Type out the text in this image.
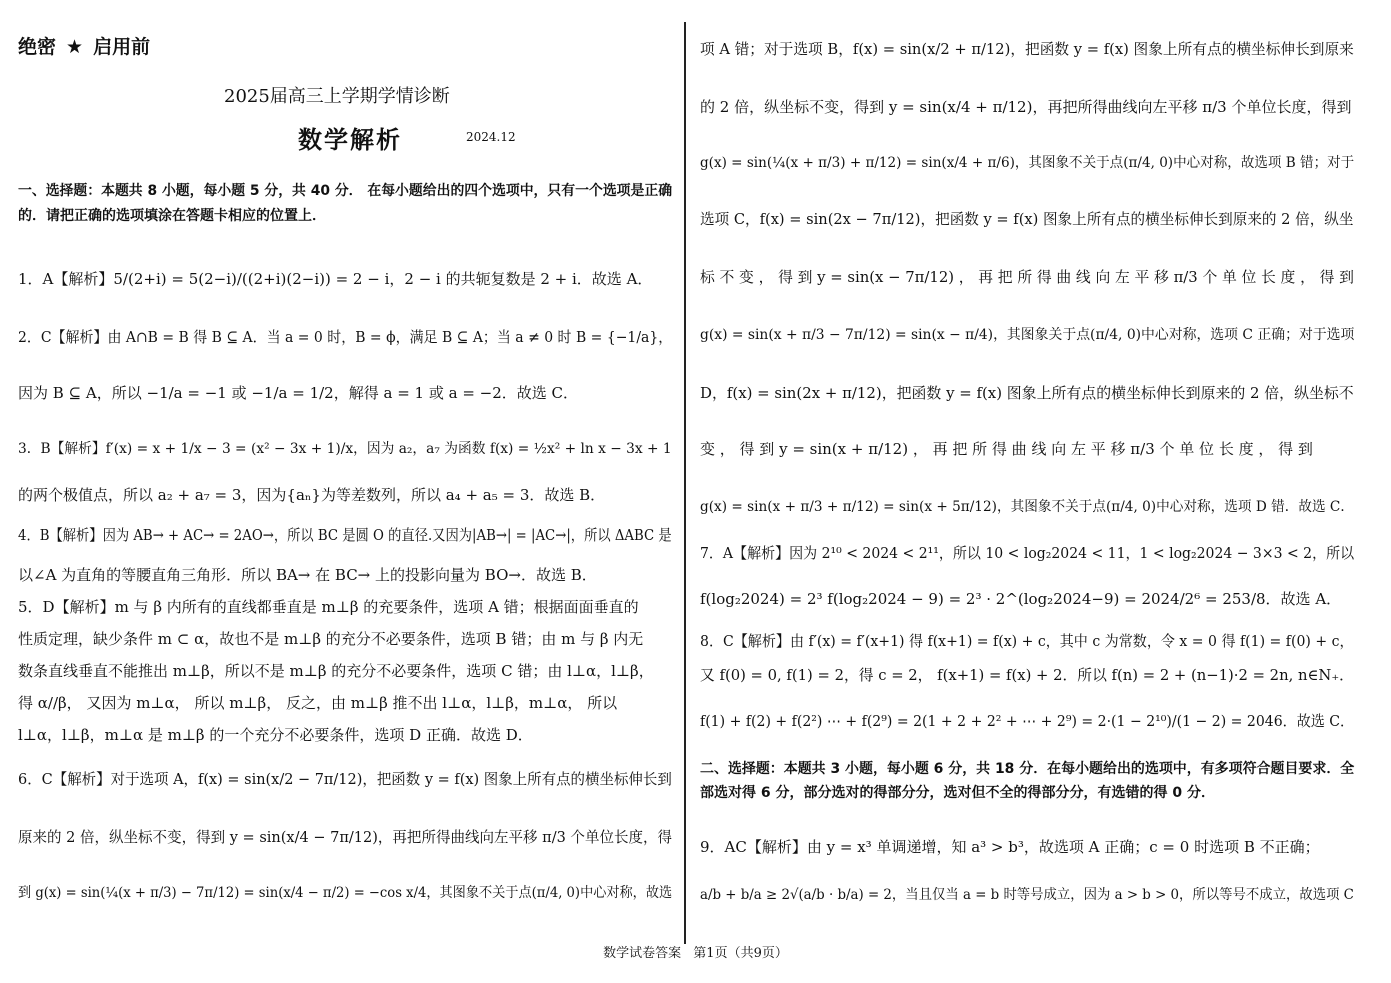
绝密 ★ 启用前
2025届高三上学期学情诊断
数学解析	2024.12
一、选择题：本题共 8 小题，每小题 5 分，共 40 分． 在每小题给出的四个选项中，只有一个选项是正确
的．请把正确的选项填涂在答题卡相应的位置上．
1．A【解析】5/(2+i) = 5(2−i)/((2+i)(2−i)) = 2 − i，2 − i 的共轭复数是 2 + i．故选 A．
2．C【解析】由 A∩B = B 得 B ⊆ A．当 a = 0 时，B = ϕ，满足 B ⊆ A；当 a ≠ 0 时 B = {−1/a}，
因为 B ⊆ A，所以 −1/a = −1 或 −1/a = 1/2，解得 a = 1 或 a = −2．故选 C．
3．B【解析】f′(x) = x + 1/x − 3 = (x² − 3x + 1)/x，因为 a₂，a₇ 为函数 f(x) = ½x² + ln x − 3x + 1
的两个极值点，所以 a₂ + a₇ = 3，因为{aₙ}为等差数列，所以 a₄ + a₅ = 3．故选 B．
4．B【解析】因为 AB→ + AC→ = 2AO→，所以 BC 是圆 O 的直径.又因为|AB→| = |AC→|，所以 ΔABC 是
以∠A 为直角的等腰直角三角形．所以 BA→ 在 BC→ 上的投影向量为 BO→．故选 B．
5．D【解析】m 与 β 内所有的直线都垂直是 m⊥β 的充要条件，选项 A 错；根据面面垂直的
性质定理，缺少条件 m ⊂ α，故也不是 m⊥β 的充分不必要条件，选项 B 错；由 m 与 β 内无
数条直线垂直不能推出 m⊥β，所以不是 m⊥β 的充分不必要条件，选项 C 错；由 l⊥α，l⊥β，
得 α//β， 又因为 m⊥α， 所以 m⊥β， 反之，由 m⊥β 推不出 l⊥α，l⊥β，m⊥α， 所以
l⊥α，l⊥β，m⊥α 是 m⊥β 的一个充分不必要条件，选项 D 正确．故选 D．
6．C【解析】对于选项 A，f(x) = sin(x/2 − 7π/12)，把函数 y = f(x) 图象上所有点的横坐标伸长到
原来的 2 倍，纵坐标不变，得到 y = sin(x/4 − 7π/12)，再把所得曲线向左平移 π/3 个单位长度，得
到 g(x) = sin(¼(x + π/3) − 7π/12) = sin(x/4 − π/2) = −cos x/4，其图象不关于点(π/4, 0)中心对称，故选
项 A 错；对于选项 B，f(x) = sin(x/2 + π/12)，把函数 y = f(x) 图象上所有点的横坐标伸长到原来
的 2 倍，纵坐标不变，得到 y = sin(x/4 + π/12)，再把所得曲线向左平移 π/3 个单位长度，得到
g(x) = sin(¼(x + π/3) + π/12) = sin(x/4 + π/6)，其图象不关于点(π/4, 0)中心对称，故选项 B 错；对于
选项 C，f(x) = sin(2x − 7π/12)，把函数 y = f(x) 图象上所有点的横坐标伸长到原来的 2 倍，纵坐
标 不 变 ， 得 到 y = sin(x − 7π/12) ， 再 把 所 得 曲 线 向 左 平 移 π/3 个 单 位 长 度 ， 得 到
g(x) = sin(x + π/3 − 7π/12) = sin(x − π/4)，其图象关于点(π/4, 0)中心对称，选项 C 正确；对于选项
D，f(x) = sin(2x + π/12)，把函数 y = f(x) 图象上所有点的横坐标伸长到原来的 2 倍，纵坐标不
变 ， 得 到 y = sin(x + π/12) ， 再 把 所 得 曲 线 向 左 平 移 π/3 个 单 位 长 度 ， 得 到
g(x) = sin(x + π/3 + π/12) = sin(x + 5π/12)，其图象不关于点(π/4, 0)中心对称，选项 D 错．故选 C．
7．A【解析】因为 2¹⁰ < 2024 < 2¹¹，所以 10 < log₂2024 < 11，1 < log₂2024 − 3×3 < 2，所以
f(log₂2024) = 2³ f(log₂2024 − 9) = 2³ · 2^(log₂2024−9) = 2024/2⁶ = 253/8．故选 A．
8．C【解析】由 f′(x) = f′(x+1) 得 f(x+1) = f(x) + c，其中 c 为常数，令 x = 0 得 f(1) = f(0) + c，
又 f(0) = 0, f(1) = 2，得 c = 2， f(x+1) = f(x) + 2．所以 f(n) = 2 + (n−1)·2 = 2n, n∈N₊．
f(1) + f(2) + f(2²) ⋯ + f(2⁹) = 2(1 + 2 + 2² + ⋯ + 2⁹) = 2·(1 − 2¹⁰)/(1 − 2) = 2046．故选 C．
二、选择题：本题共 3 小题，每小题 6 分，共 18 分．在每小题给出的选项中，有多项符合题目要求．全
部选对得 6 分，部分选对的得部分分，选对但不全的得部分分，有选错的得 0 分．
9．AC【解析】由 y = x³ 单调递增，知 a³ > b³，故选项 A 正确；c = 0 时选项 B 不正确；
a/b + b/a ≥ 2√(a/b · b/a) = 2，当且仅当 a = b 时等号成立，因为 a > b > 0，所以等号不成立，故选项 C
数学试卷答案 第1页（共9页）
